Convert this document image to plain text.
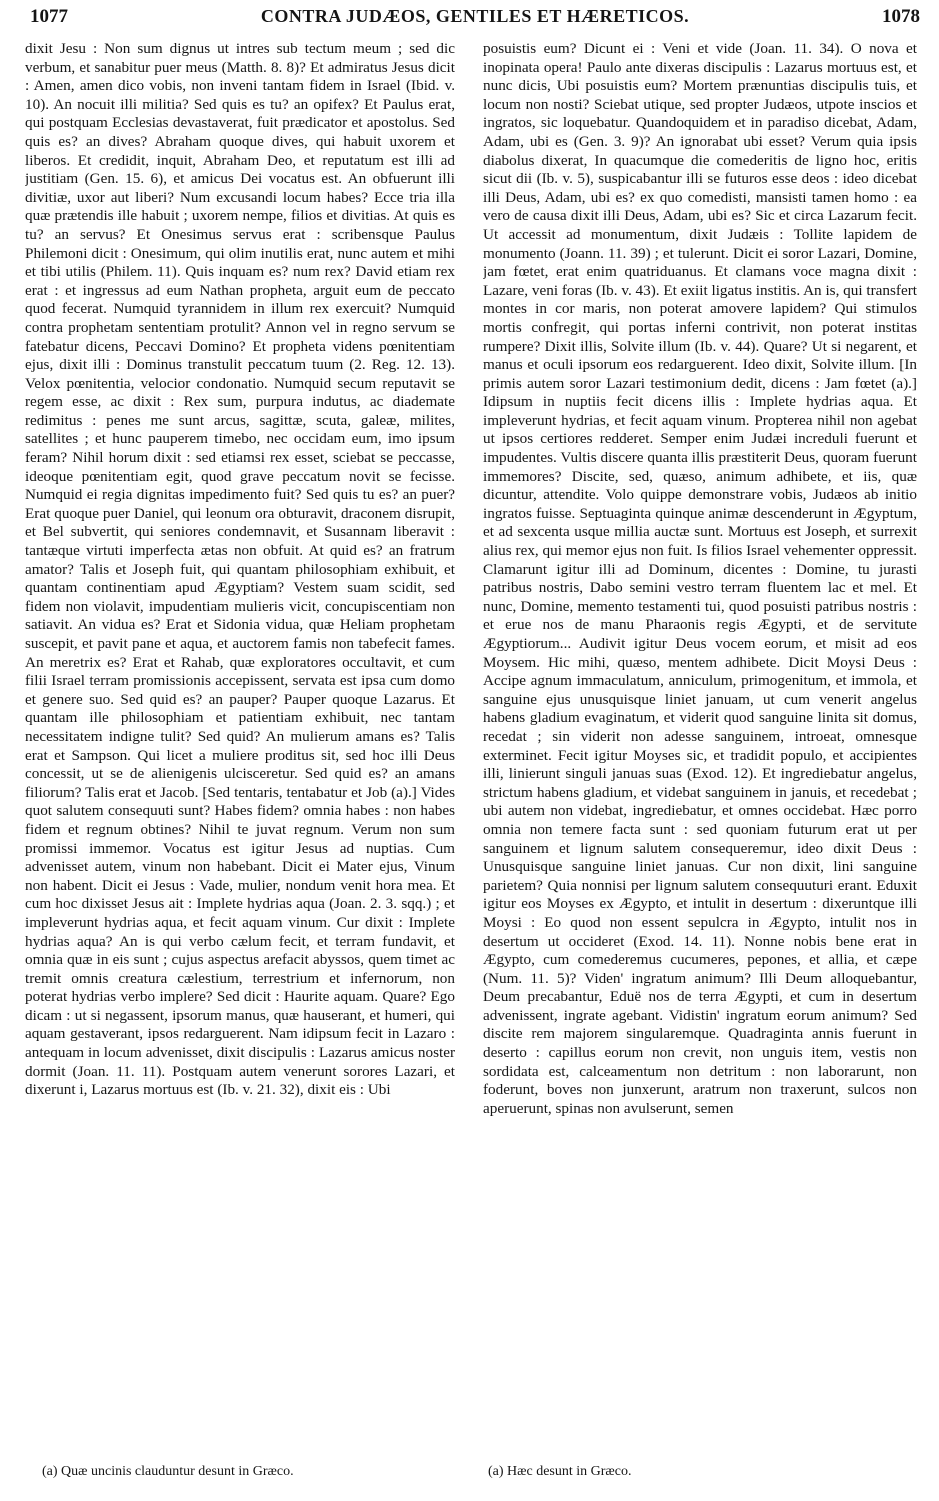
1077	CONTRA JUDÆOS, GENTILES ET HÆRETICOS.	1078
dixit Jesu : Non sum dignus ut intres sub tectum meum ; sed dic verbum, et sanabitur puer meus (Matth. 8. 8)? Et admiratus Jesus dicit : Amen, amen dico vobis, non inveni tantam fidem in Israel (Ibid. v. 10). An nocuit illi militia? Sed quis es tu? an opifex? Et Paulus erat, qui postquam Ecclesias devastaverat, fuit prædicator et apostolus. Sed quis es? an dives? Abraham quoque dives, qui habuit uxorem et liberos. Et credidit, inquit, Abraham Deo, et reputatum est illi ad justitiam (Gen. 15. 6), et amicus Dei vocatus est. An obfuerunt illi divitiæ, uxor aut liberi? Num excusandi locum habes? Ecce tria illa quæ prætendis ille habuit ; uxorem nempe, filios et divitias. At quis es tu? an servus? Et Onesimus servus erat : scribensque Paulus Philemoni dicit : Onesimum, qui olim inutilis erat, nunc autem et mihi et tibi utilis (Philem. 11). Quis inquam es? num rex? David etiam rex erat : et ingressus ad eum Nathan propheta, arguit eum de peccato quod fecerat. Numquid tyrannidem in illum rex exercuit? Numquid contra prophetam sententiam protulit? Annon vel in regno servum se fatebatur dicens, Peccavi Domino? Et propheta videns pœnitentiam ejus, dixit illi : Dominus transtulit peccatum tuum (2. Reg. 12. 13). Velox pœnitentia, velocior condonatio. Numquid secum reputavit se regem esse, ac dixit : Rex sum, purpura indutus, ac diademate redimitus : penes me sunt arcus, sagittæ, scuta, galeæ, milites, satellites ; et hunc pauperem timebo, nec occidam eum, imo ipsum feram? Nihil horum dixit : sed etiamsi rex esset, sciebat se peccasse, ideoque pœnitentiam egit, quod grave peccatum novit se fecisse. Numquid ei regia dignitas impedimento fuit? Sed quis tu es? an puer? Erat quoque puer Daniel, qui leonum ora obturavit, draconem disrupit, et Bel subvertit, qui seniores condemnavit, et Susannam liberavit : tantæque virtuti imperfecta ætas non obfuit. At quid es? an fratrum amator? Talis et Joseph fuit, qui quantam philosophiam exhibuit, et quantam continentiam apud Ægyptiam? Vestem suam scidit, sed fidem non violavit, impudentiam mulieris vicit, concupiscentiam non satiavit. An vidua es? Erat et Sidonia vidua, quæ Heliam prophetam suscepit, et pavit pane et aqua, et auctorem famis non tabefecit fames. An meretrix es? Erat et Rahab, quæ exploratores occultavit, et cum filii Israel terram promissionis accepissent, servata est ipsa cum domo et genere suo. Sed quid es? an pauper? Pauper quoque Lazarus. Et quantam ille philosophiam et patientiam exhibuit, nec tantam necessitatem indigne tulit? Sed quid? An mulierum amans es? Talis erat et Sampson. Qui licet a muliere proditus sit, sed hoc illi Deus concessit, ut se de alienigenis ulcisceretur. Sed quid es? an amans filiorum? Talis erat et Jacob. [Sed tentaris, tentabatur et Job (a).] Vides quot salutem consequuti sunt? Habes fidem? omnia habes : non habes fidem et regnum obtines? Nihil te juvat regnum. Verum non sum promissi immemor. Vocatus est igitur Jesus ad nuptias. Cum advenisset autem, vinum non habebant. Dicit ei Mater ejus, Vinum non habent. Dicit ei Jesus : Vade, mulier, nondum venit hora mea. Et cum hoc dixisset Jesus ait : Implete hydrias aqua (Joan. 2. 3. sqq.) ; et impleverunt hydrias aqua, et fecit aquam vinum. Cur dixit : Implete hydrias aqua? An is qui verbo cælum fecit, et terram fundavit, et omnia quæ in eis sunt ; cujus aspectus arefacit abyssos, quem timet ac tremit omnis creatura cælestium, terrestrium et infernorum, non poterat hydrias verbo implere? Sed dicit : Haurite aquam. Quare? Ego dicam : ut si negassent, ipsorum manus, quæ hauserant, et humeri, qui aquam gestaverant, ipsos redarguerent. Nam idipsum fecit in Lazaro : antequam in locum advenisset, dixit discipulis : Lazarus amicus noster dormit (Joan. 11. 11). Postquam autem venerunt sorores Lazari, et dixerunt i, Lazarus mortuus est (Ib. v. 21. 32), dixit eis : Ubi
posuistis eum? Dicunt ei : Veni et vide (Joan. 11. 34). O nova et inopinata opera! Paulo ante dixeras discipulis : Lazarus mortuus est, et nunc dicis, Ubi posuistis eum? Mortem prænuntias discipulis tuis, et locum non nosti? Sciebat utique, sed propter Judæos, utpote inscios et ingratos, sic loquebatur. Quandoquidem et in paradiso dicebat, Adam, Adam, ubi es (Gen. 3. 9)? An ignorabat ubi esset? Verum quia ipsis diabolus dixerat, In quacumque die comederitis de ligno hoc, eritis sicut dii (Ib. v. 5), suspicabantur illi se futuros esse deos : ideo dicebat illi Deus, Adam, ubi es? ex quo comedisti, mansisti tamen homo : ea vero de causa dixit illi Deus, Adam, ubi es? Sic et circa Lazarum fecit. Ut accessit ad monumentum, dixit Judæis : Tollite lapidem de monumento (Joann. 11. 39) ; et tulerunt. Dicit ei soror Lazari, Domine, jam fœtet, erat enim quatriduanus. Et clamans voce magna dixit : Lazare, veni foras (Ib. v. 43). Et exiit ligatus institis. An is, qui transfert montes in cor maris, non poterat amovere lapidem? Qui stimulos mortis confregit, qui portas inferni contrivit, non poterat institas rumpere? Dixit illis, Solvite illum (Ib. v. 44). Quare? Ut si negarent, et manus et oculi ipsorum eos redarguerent. Ideo dixit, Solvite illum. [In primis autem soror Lazari testimonium dedit, dicens : Jam fœtet (a).] Idipsum in nuptiis fecit dicens illis : Implete hydrias aqua. Et impleverunt hydrias, et fecit aquam vinum. Propterea nihil non agebat ut ipsos certiores redderet. Semper enim Judæi increduli fuerunt et impudentes. Vultis discere quanta illis præstiterit Deus, quoram fuerunt immemores? Discite, sed, quæso, animum adhibete, et iis, quæ dicuntur, attendite. Volo quippe demonstrare vobis, Judæos ab initio ingratos fuisse. Septuaginta quinque animæ descenderunt in Ægyptum, et ad sexcenta usque millia auctæ sunt. Mortuus est Joseph, et surrexit alius rex, qui memor ejus non fuit. Is filios Israel vehementer oppressit. Clamarunt igitur illi ad Dominum, dicentes : Domine, tu jurasti patribus nostris, Dabo semini vestro terram fluentem lac et mel. Et nunc, Domine, memento testamenti tui, quod posuisti patribus nostris : et erue nos de manu Pharaonis regis Ægypti, et de servitute Ægyptiorum... Audivit igitur Deus vocem eorum, et misit ad eos Moysem. Hic mihi, quæso, mentem adhibete. Dicit Moysi Deus : Accipe agnum immaculatum, anniculum, primogenitum, et immola, et sanguine ejus unusquisque liniet januam, ut cum venerit angelus habens gladium evaginatum, et viderit quod sanguine linita sit domus, recedat ; sin viderit non adesse sanguinem, introeat, omnesque exterminet. Fecit igitur Moyses sic, et tradidit populo, et accipientes illi, linierunt singuli januas suas (Exod. 12). Et ingrediebatur angelus, strictum habens gladium, et videbat sanguinem in januis, et recedebat ; ubi autem non videbat, ingrediebatur, et omnes occidebat. Hæc porro omnia non temere facta sunt : sed quoniam futurum erat ut per sanguinem et lignum salutem consequeremur, ideo dixit Deus : Unusquisque sanguine liniet januas. Cur non dixit, lini sanguine parietem? Quia nonnisi per lignum salutem consequuturi erant. Eduxit igitur eos Moyses ex Ægypto, et intulit in desertum : dixeruntque illi Moysi : Eo quod non essent sepulcra in Ægypto, intulit nos in desertum ut occideret (Exod. 14. 11). Nonne nobis bene erat in Ægypto, cum comederemus cucumeres, pepones, et allia, et cæpe (Num. 11. 5)? Viden' ingratum animum? Illi Deum alloquebantur, Deum precabantur, Eduë nos de terra Ægypti, et cum in desertum advenissent, ingrate agebant. Vidistin' ingratum eorum animum? Sed discite rem majorem singularemque. Quadraginta annis fuerunt in deserto : capillus eorum non crevit, non unguis item, vestis non sordidata est, calceamentum non detritum : non laborarunt, non foderunt, boves non junxerunt, aratrum non traxerunt, sulcos non aperuerunt, spinas non avulserunt, semen
(a) Quæ uncinis clauduntur desunt in Græco.	(a) Hæc desunt in Græco.
